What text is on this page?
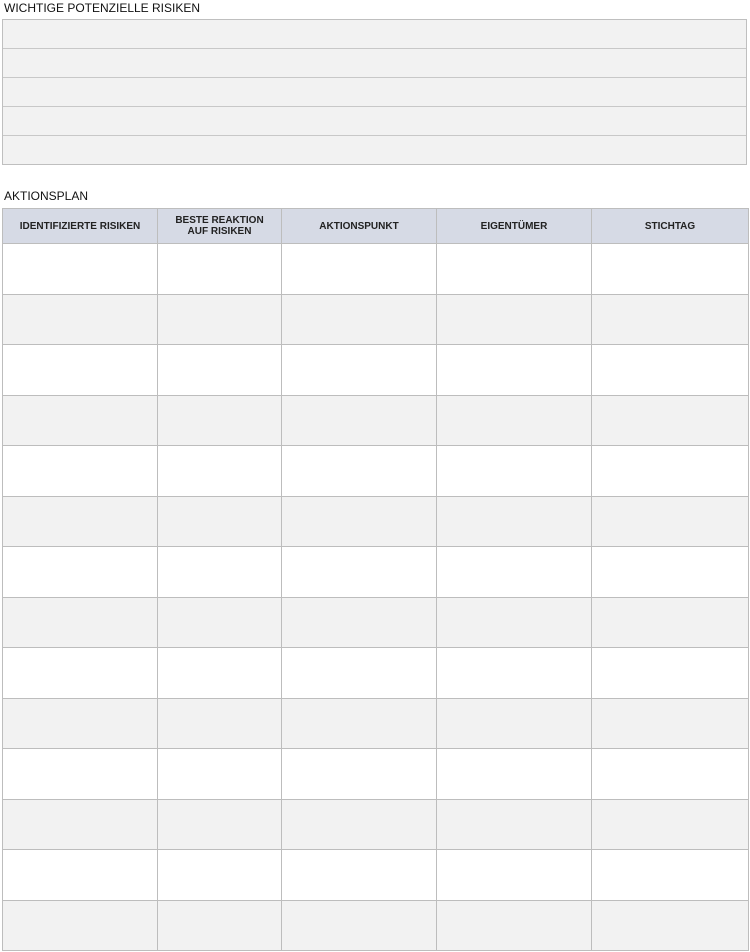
WICHTIGE POTENZIELLE RISIKEN
AKTIONSPLAN
IDENTIFIZIERTE RISIKEN	BESTE REAKTION AUF RISIKEN	AKTIONSPUNKT	EIGENTÜMER	STICHTAG
